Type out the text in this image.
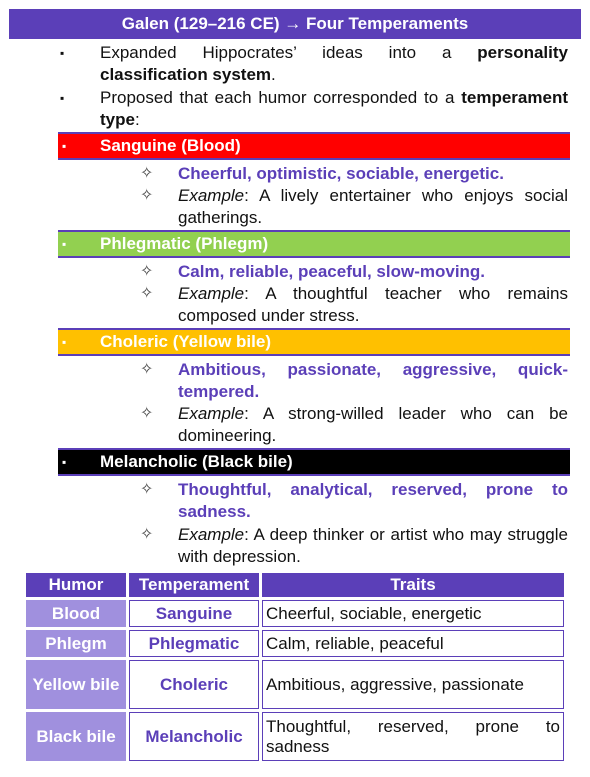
Galen (129–216 CE) → Four Temperaments
▪ Expanded Hippocrates’ ideas into a personality classification system.
▪ Proposed that each humor corresponded to a temperament type:
▪	Sanguine (Blood)
✧ Cheerful, optimistic, sociable, energetic.
✧ Example: A lively entertainer who enjoys social gatherings.
▪	Phlegmatic (Phlegm)
✧ Calm, reliable, peaceful, slow-moving.
✧ Example: A thoughtful teacher who remains composed under stress.
▪	Choleric (Yellow bile)
✧ Ambitious, passionate, aggressive, quick-tempered.
✧ Example: A strong-willed leader who can be domineering.
▪	Melancholic (Black bile)
✧ Thoughtful, analytical, reserved, prone to sadness.
✧ Example: A deep thinker or artist who may struggle with depression.
Humor	Temperament	Traits
Blood	Sanguine	Cheerful, sociable, energetic
Phlegm	Phlegmatic	Calm, reliable, peaceful
Yellow bile	Choleric	Ambitious, aggressive, passionate
Black bile	Melancholic	Thoughtful, reserved, prone to sadness
